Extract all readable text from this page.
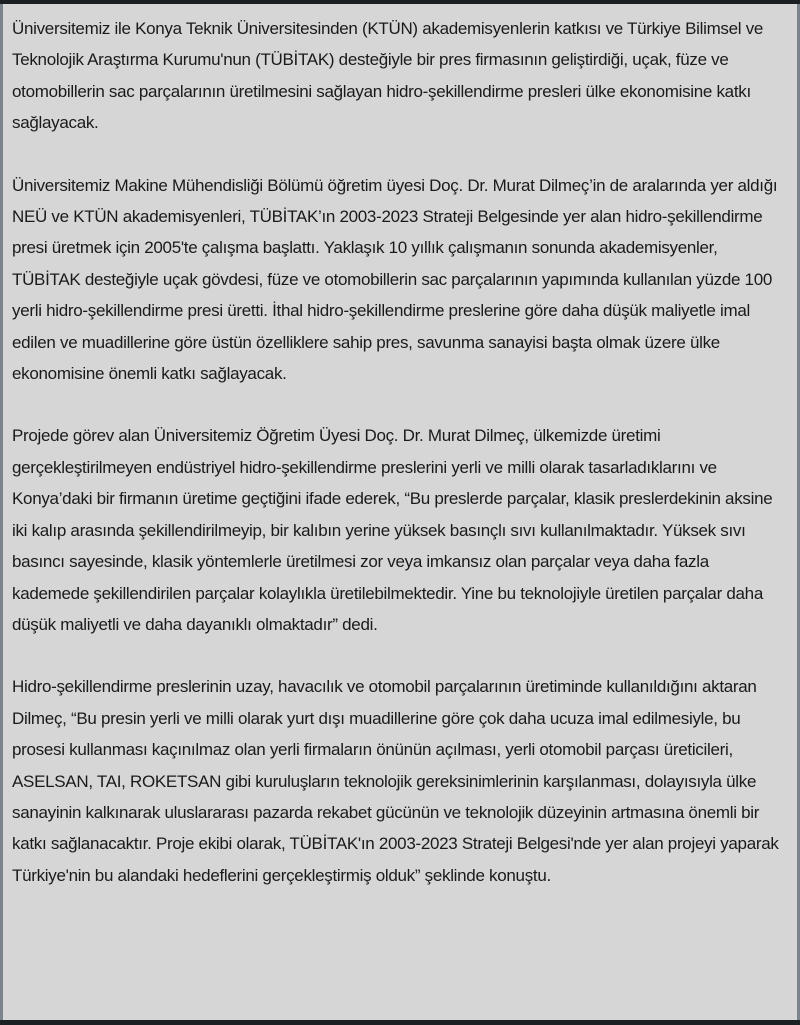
Üniversitemiz ile Konya Teknik Üniversitesinden (KTÜN) akademisyenlerin katkısı ve Türkiye Bilimsel ve Teknolojik Araştırma Kurumu'nun (TÜBİTAK) desteğiyle bir pres firmasının geliştirdiği, uçak, füze ve otomobillerin sac parçalarının üretilmesini sağlayan hidro-şekillendirme presleri ülke ekonomisine katkı sağlayacak.

Üniversitemiz Makine Mühendisliği Bölümü öğretim üyesi Doç. Dr. Murat Dilmeç’in de aralarında yer aldığı NEÜ ve KTÜN akademisyenleri, TÜBİTAK’ın 2003-2023 Strateji Belgesinde yer alan hidro-şekillendirme presi üretmek için 2005'te çalışma başlattı. Yaklaşık 10 yıllık çalışmanın sonunda akademisyenler, TÜBİTAK desteğiyle uçak gövdesi, füze ve otomobillerin sac parçalarının yapımında kullanılan yüzde 100 yerli hidro-şekillendirme presi üretti. İthal hidro-şekillendirme preslerine göre daha düşük maliyetle imal edilen ve muadillerine göre üstün özelliklere sahip pres, savunma sanayisi başta olmak üzere ülke ekonomisine önemli katkı sağlayacak.

Projede görev alan Üniversitemiz Öğretim Üyesi Doç. Dr. Murat Dilmeç, ülkemizde üretimi gerçekleştirilmeyen endüstriyel hidro-şekillendirme preslerini yerli ve milli olarak tasarladıklarını ve Konya’daki bir firmanın üretime geçtiğini ifade ederek, “Bu preslerde parçalar, klasik preslerdekinin aksine iki kalıp arasında şekillendirilmeyip, bir kalıbın yerine yüksek basınçlı sıvı kullanılmaktadır. Yüksek sıvı basıncı sayesinde, klasik yöntemlerle üretilmesi zor veya imkansız olan parçalar veya daha fazla kademede şekillendirilen parçalar kolaylıkla üretilebilmektedir. Yine bu teknolojiyle üretilen parçalar daha düşük maliyetli ve daha dayanıklı olmaktadır” dedi.

Hidro-şekillendirme preslerinin uzay, havacılık ve otomobil parçalarının üretiminde kullanıldığını aktaran Dilmeç, “Bu presin yerli ve milli olarak yurt dışı muadillerine göre çok daha ucuza imal edilmesiyle, bu prosesi kullanması kaçınılmaz olan yerli firmaların önünün açılması, yerli otomobil parçası üreticileri, ASELSAN, TAI, ROKETSAN gibi kuruluşların teknolojik gereksinimlerinin karşılanması, dolayısıyla ülke sanayinin kalkınarak uluslararası pazarda rekabet gücünün ve teknolojik düzeyinin artmasına önemli bir katkı sağlanacaktır. Proje ekibi olarak, TÜBİTAK'ın 2003-2023 Strateji Belgesi'nde yer alan projeyi yaparak Türkiye'nin bu alandaki hedeflerini gerçekleştirmiş olduk” şeklinde konuştu.
